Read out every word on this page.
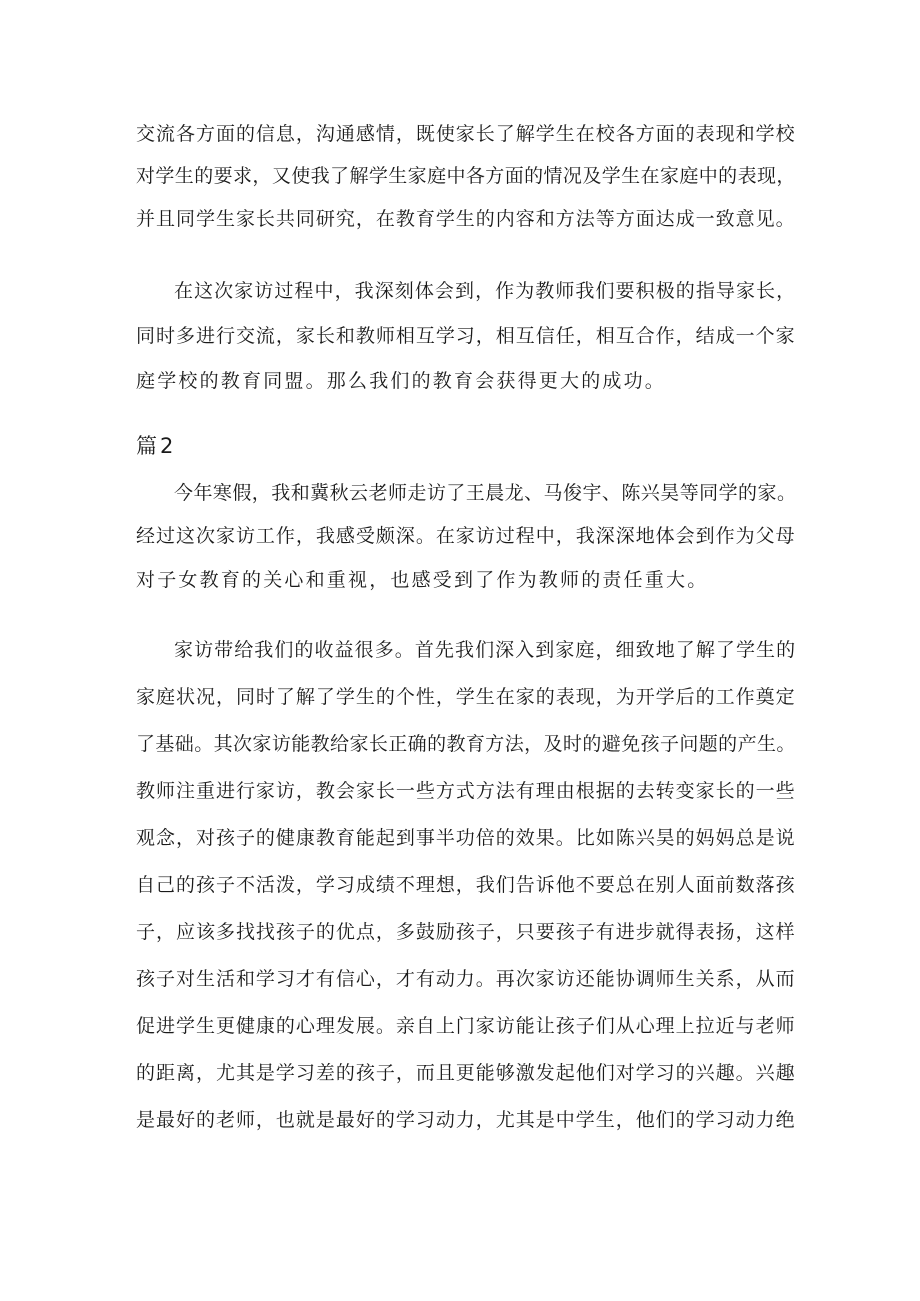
交流各方面的信息，沟通感情，既使家长了解学生在校各方面的表现和学校
对学生的要求，又使我了解学生家庭中各方面的情况及学生在家庭中的表现，
并且同学生家长共同研究，在教育学生的内容和方法等方面达成一致意见。
在这次家访过程中，我深刻体会到，作为教师我们要积极的指导家长，
同时多进行交流，家长和教师相互学习，相互信任，相互合作，结成一个家
庭学校的教育同盟。那么我们的教育会获得更大的成功。
篇2
今年寒假，我和冀秋云老师走访了王晨龙、马俊宇、陈兴昊等同学的家。
经过这次家访工作，我感受颇深。在家访过程中，我深深地体会到作为父母
对子女教育的关心和重视，也感受到了作为教师的责任重大。
家访带给我们的收益很多。首先我们深入到家庭，细致地了解了学生的
家庭状况，同时了解了学生的个性，学生在家的表现，为开学后的工作奠定
了基础。其次家访能教给家长正确的教育方法，及时的避免孩子问题的产生。
教师注重进行家访，教会家长一些方式方法有理由根据的去转变家长的一些
观念，对孩子的健康教育能起到事半功倍的效果。比如陈兴昊的妈妈总是说
自己的孩子不活泼，学习成绩不理想，我们告诉他不要总在别人面前数落孩
子，应该多找找孩子的优点，多鼓励孩子，只要孩子有进步就得表扬，这样
孩子对生活和学习才有信心，才有动力。再次家访还能协调师生关系，从而
促进学生更健康的心理发展。亲自上门家访能让孩子们从心理上拉近与老师
的距离，尤其是学习差的孩子，而且更能够激发起他们对学习的兴趣。兴趣
是最好的老师，也就是最好的学习动力，尤其是中学生，他们的学习动力绝
